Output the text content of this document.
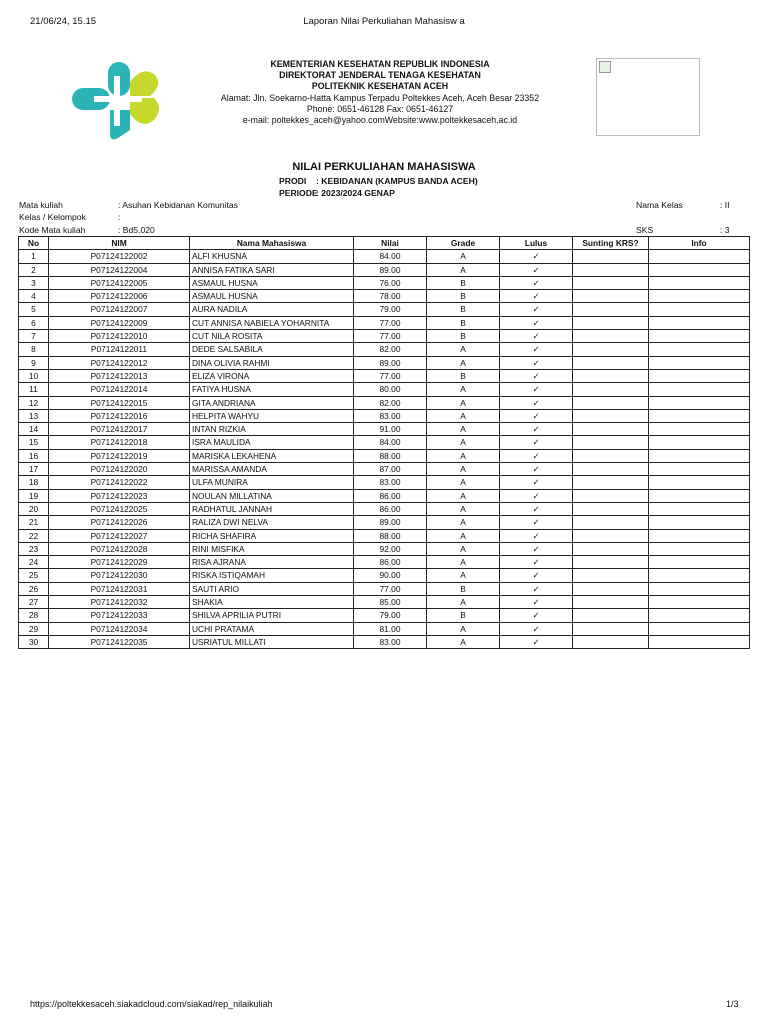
21/06/24, 15.15	Laporan Nilai Perkuliahan Mahasisw a
KEMENTERIAN KESEHATAN REPUBLIK INDONESIA
DIREKTORAT JENDERAL TENAGA KESEHATAN
POLITEKNIK KESEHATAN ACEH
Alamat: Jln. Soekarno-Hatta Kampus Terpadu Poltekkes Aceh, Aceh Besar 23352
Phone: 0651-46128 Fax: 0651-46127
e-mail: poltekkes_aceh@yahoo.comWebsite:www.poltekkesaceh.ac.id
NILAI PERKULIAHAN MAHASISWA
PRODI : KEBIDANAN (KAMPUS BANDA ACEH)
PERIODE
: 2023/2024 GENAP
Mata kuliah	: Asuhan Kebidanan Komunitas	Nama Kelas	: II
Kelas / Kelompok	:
Kode Mata kuliah	: Bd5.020	SKS	: 3
No	NIM	Nama Mahasiswa	Nilai	Grade	Lulus	Sunting KRS?	Info
1	P07124122002	ALFI KHUSNA	84.00	A	✓		
2	P07124122004	ANNISA FATIKA SARI	89.00	A	✓		
3	P07124122005	ASMAUL HUSNA	76.00	B	✓		
4	P07124122006	ASMAUL HUSNA	78.00	B	✓		
5	P07124122007	AURA NADILA	79.00	B	✓		
6	P07124122009	CUT ANNISA NABIELA YOHARNITA	77.00	B	✓		
7	P07124122010	CUT NILA ROSITA	77.00	B	✓		
8	P07124122011	DEDE SALSABILA	82.00	A	✓		
9	P07124122012	DINA OLIVIA RAHMI	89.00	A	✓		
10	P07124122013	ELIZA VIRONA	77.00	B	✓		
11	P07124122014	FATIYA HUSNA	80.00	A	✓		
12	P07124122015	GITA ANDRIANA	82.00	A	✓		
13	P07124122016	HELPITA WAHYU	83.00	A	✓		
14	P07124122017	INTAN RIZKIA	91.00	A	✓		
15	P07124122018	ISRA MAULIDA	84.00	A	✓		
16	P07124122019	MARISKA LEKAHENA	88.00	A	✓		
17	P07124122020	MARISSA AMANDA	87.00	A	✓		
18	P07124122022	ULFA MUNIRA	83.00	A	✓		
19	P07124122023	NOULAN MILLATINA	86.00	A	✓		
20	P07124122025	RADHATUL JANNAH	86.00	A	✓		
21	P07124122026	RALIZA DWI NELVA	89.00	A	✓		
22	P07124122027	RICHA SHAFIRA	88.00	A	✓		
23	P07124122028	RINI MISFIKA	92.00	A	✓		
24	P07124122029	RISA AJRANA	86.00	A	✓		
25	P07124122030	RISKA ISTIQAMAH	90.00	A	✓		
26	P07124122031	SAUTI ARIO	77.00	B	✓		
27	P07124122032	SHAKIA	85.00	A	✓		
28	P07124122033	SHILVA APRILIA PUTRI	79.00	B	✓		
29	P07124122034	UCHI PRATAMA	81.00	A	✓		
30	P07124122035	USRIATUL MILLATI	83.00	A	✓		
https://poltekkesaceh.siakadcloud.com/siakad/rep_nilaikuliah	1/3
